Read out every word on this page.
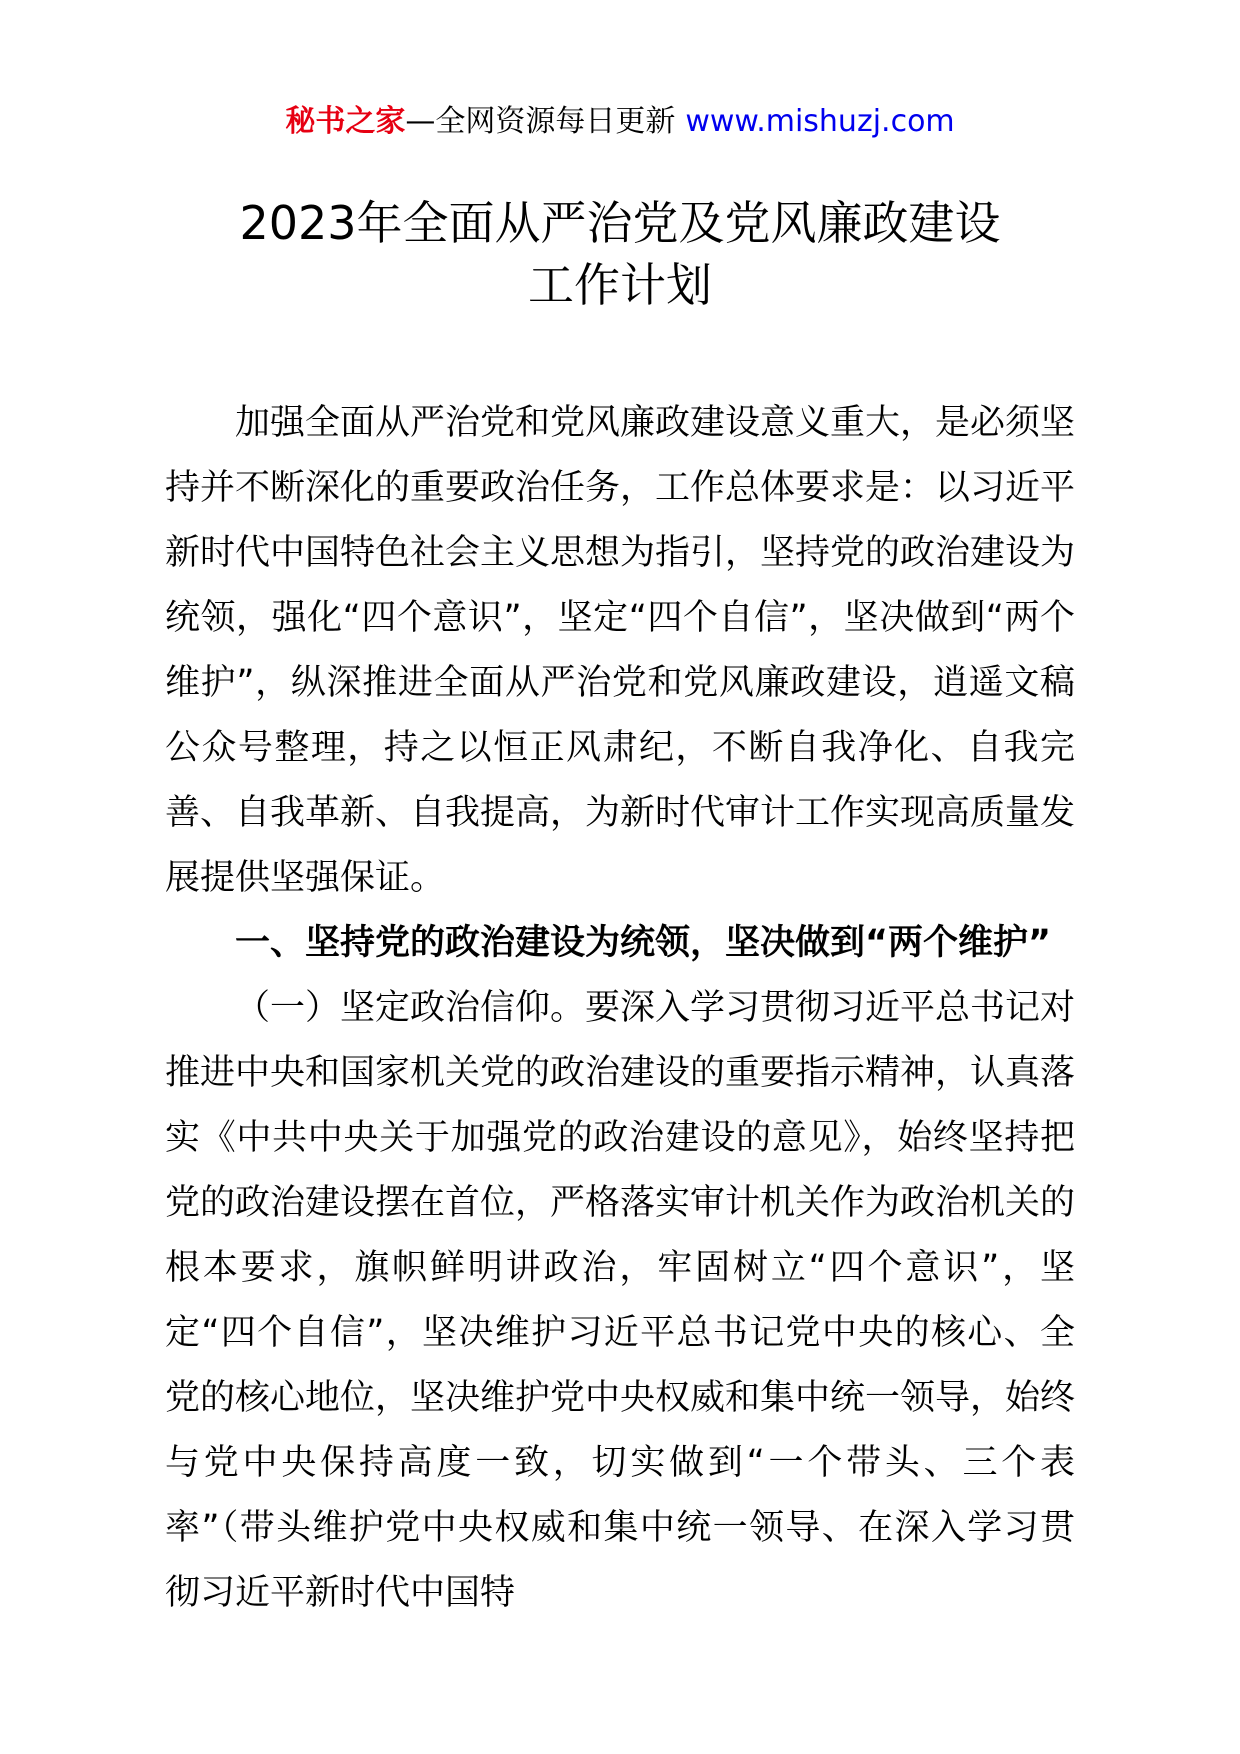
秘书之家—全网资源每日更新 www.mishuzj.com
2023年全面从严治党及党风廉政建设
工作计划

加强全面从严治党和党风廉政建设意义重大，是必须坚持并不断深化的重要政治任务，工作总体要求是：以习近平新时代中国特色社会主义思想为指引，坚持党的政治建设为统领，强化“四个意识”，坚定“四个自信”，坚决做到“两个维护”，纵深推进全面从严治党和党风廉政建设，逍遥文稿公众号整理，持之以恒正风肃纪，不断自我净化、自我完善、自我革新、自我提高，为新时代审计工作实现高质量发展提供坚强保证。

一、坚持党的政治建设为统领，坚决做到“两个维护”

（一）坚定政治信仰。要深入学习贯彻习近平总书记对推进中央和国家机关党的政治建设的重要指示精神，认真落实《中共中央关于加强党的政治建设的意见》，始终坚持把党的政治建设摆在首位，严格落实审计机关作为政治机关的根本要求，旗帜鲜明讲政治，牢固树立“四个意识”，坚定“四个自信”，坚决维护习近平总书记党中央的核心、全党的核心地位，坚决维护党中央权威和集中统一领导，始终与党中央保持高度一致，切实做到“一个带头、三个表率”（带头维护党中央权威和集中统一领导、在深入学习贯彻习近平新时代中国特
